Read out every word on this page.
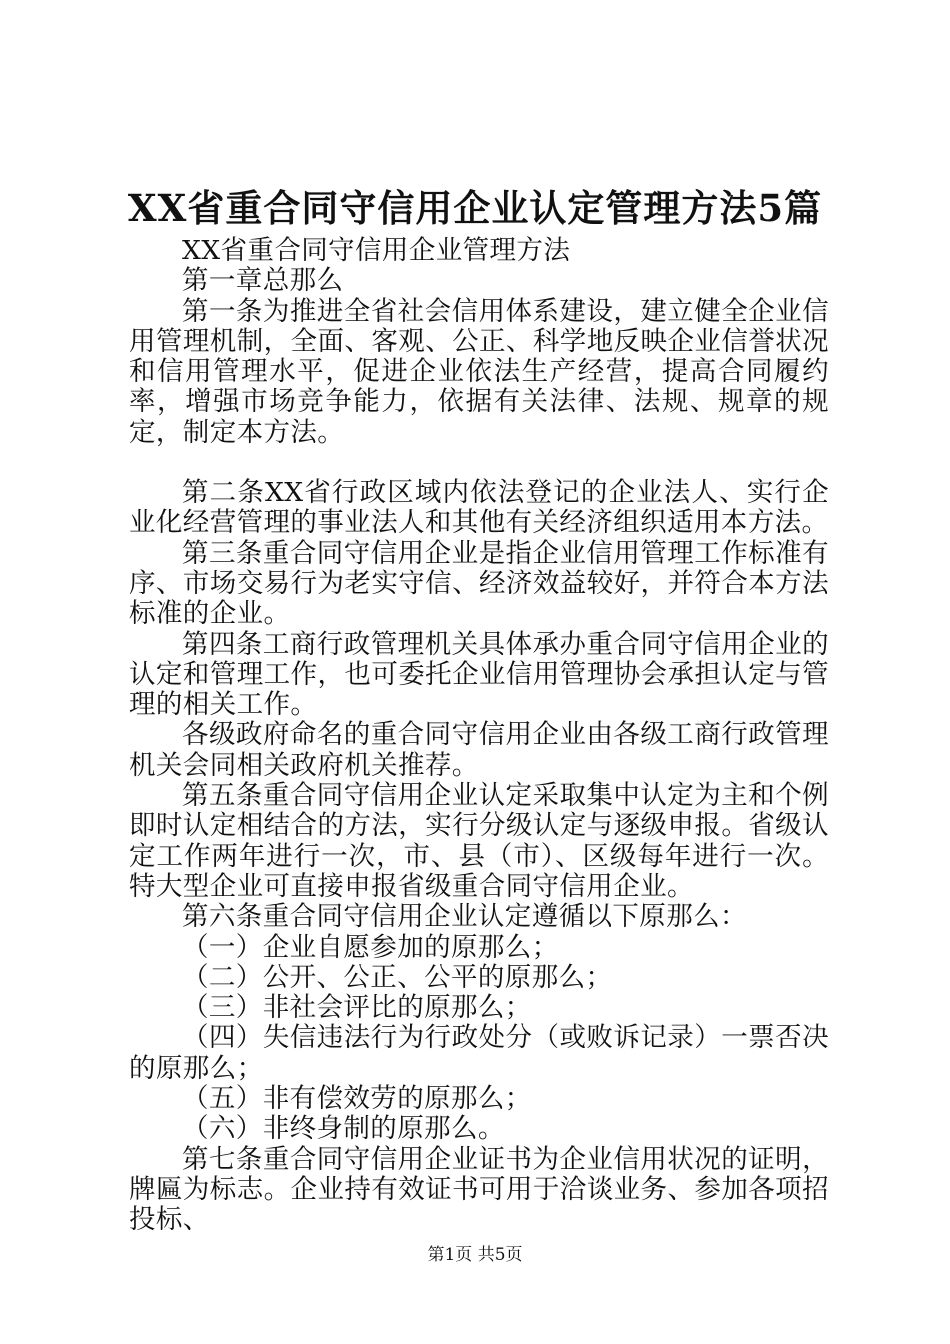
XX省重合同守信用企业认定管理方法5篇

XX省重合同守信用企业管理方法

第一章总那么

第一条为推进全省社会信用体系建设，建立健全企业信用管理机制，全面、客观、公正、科学地反映企业信誉状况和信用管理水平，促进企业依法生产经营，提高合同履约率，增强市场竞争能力，依据有关法律、法规、规章的规定，制定本方法。

第二条XX省行政区域内依法登记的企业法人、实行企业化经营管理的事业法人和其他有关经济组织适用本方法。

第三条重合同守信用企业是指企业信用管理工作标准有序、市场交易行为老实守信、经济效益较好，并符合本方法标准的企业。

第四条工商行政管理机关具体承办重合同守信用企业的认定和管理工作，也可委托企业信用管理协会承担认定与管理的相关工作。

各级政府命名的重合同守信用企业由各级工商行政管理机关会同相关政府机关推荐。

第五条重合同守信用企业认定采取集中认定为主和个例即时认定相结合的方法，实行分级认定与逐级申报。省级认定工作两年进行一次，市、县（市）、区级每年进行一次。特大型企业可直接申报省级重合同守信用企业。

第六条重合同守信用企业认定遵循以下原那么：

（一）企业自愿参加的原那么；

（二）公开、公正、公平的原那么；

（三）非社会评比的原那么；

（四）失信违法行为行政处分（或败诉记录）一票否决的原那么；

（五）非有偿效劳的原那么；

（六）非终身制的原那么。

第七条重合同守信用企业证书为企业信用状况的证明，牌匾为标志。企业持有效证书可用于洽谈业务、参加各项招投标、

第1页 共5页
